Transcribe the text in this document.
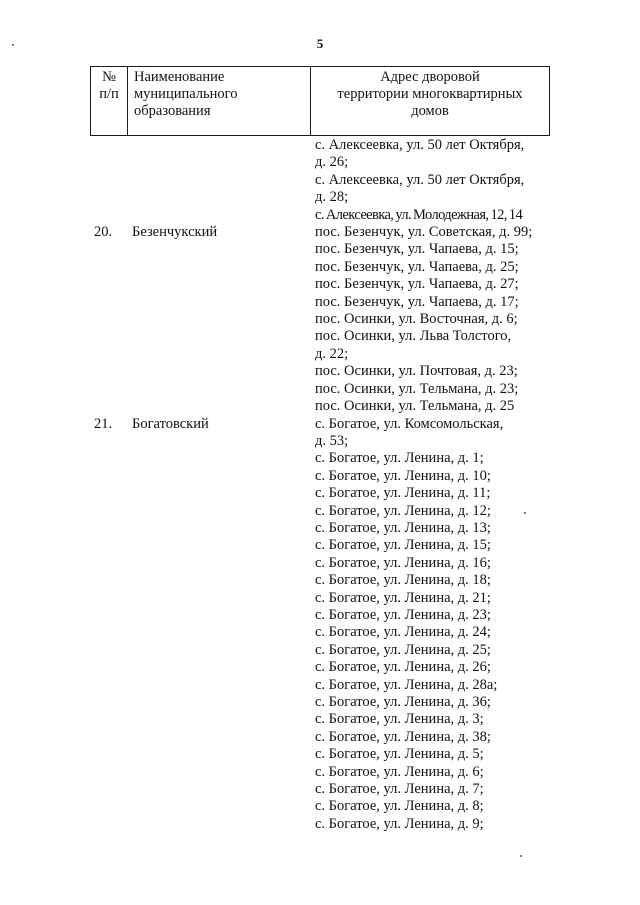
5
№
п/п

Наименование
муниципального
образования

Адрес дворовой
территории многоквартирных
домов
с. Алексеевка, ул. 50 лет Октября,
д. 26;
с. Алексеевка, ул. 50 лет Октября,
д. 28;
с. Алексеевка, ул. Молодежная, 12, 14
20. Безенчукский	пос. Безенчук, ул. Советская, д. 99;
пос. Безенчук, ул. Чапаева, д. 15;
пос. Безенчук, ул. Чапаева, д. 25;
пос. Безенчук, ул. Чапаева, д. 27;
пос. Безенчук, ул. Чапаева, д. 17;
пос. Осинки, ул. Восточная, д. 6;
пос. Осинки, ул. Льва Толстого,
д. 22;
пос. Осинки, ул. Почтовая, д. 23;
пос. Осинки, ул. Тельмана, д. 23;
пос. Осинки, ул. Тельмана, д. 25
21. Богатовский	с. Богатое, ул. Комсомольская,
д. 53;
с. Богатое, ул. Ленина, д. 1;
с. Богатое, ул. Ленина, д. 10;
с. Богатое, ул. Ленина, д. 11;
с. Богатое, ул. Ленина, д. 12;
с. Богатое, ул. Ленина, д. 13;
с. Богатое, ул. Ленина, д. 15;
с. Богатое, ул. Ленина, д. 16;
с. Богатое, ул. Ленина, д. 18;
с. Богатое, ул. Ленина, д. 21;
с. Богатое, ул. Ленина, д. 23;
с. Богатое, ул. Ленина, д. 24;
с. Богатое, ул. Ленина, д. 25;
с. Богатое, ул. Ленина, д. 26;
с. Богатое, ул. Ленина, д. 28а;
с. Богатое, ул. Ленина, д. 36;
с. Богатое, ул. Ленина, д. 3;
с. Богатое, ул. Ленина, д. 38;
с. Богатое, ул. Ленина, д. 5;
с. Богатое, ул. Ленина, д. 6;
с. Богатое, ул. Ленина, д. 7;
с. Богатое, ул. Ленина, д. 8;
с. Богатое, ул. Ленина, д. 9;
